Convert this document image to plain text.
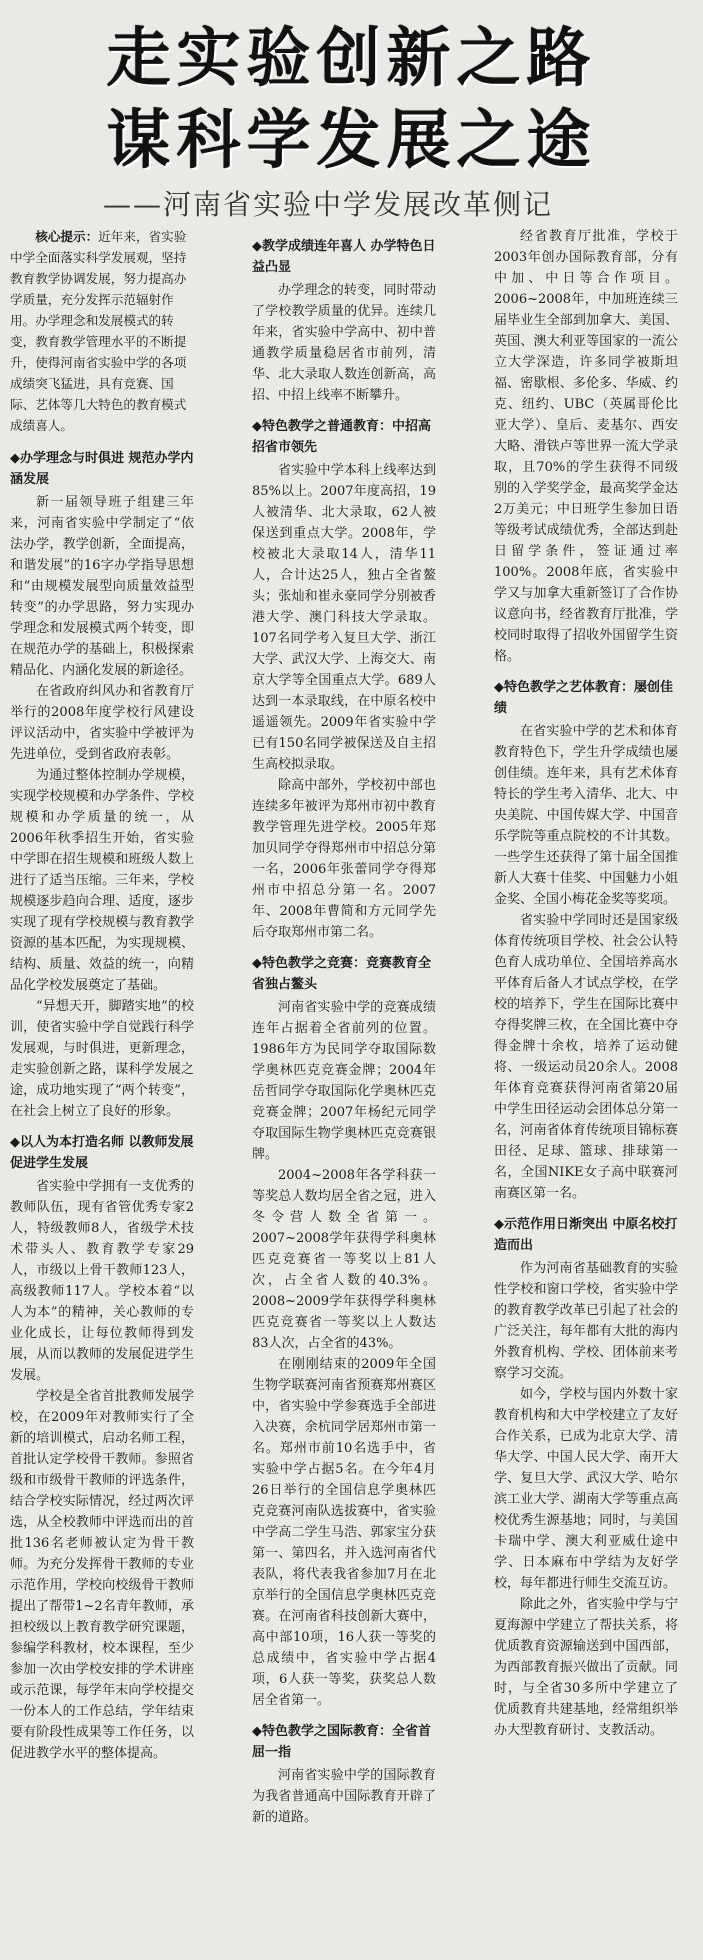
走实验创新之路
谋科学发展之途
——河南省实验中学发展改革侧记

核心提示：近年来，省实验中学全面落实科学发展观，坚持教育教学协调发展，努力提高办学质量，充分发挥示范辐射作用。办学理念和发展模式的转变，教育教学管理水平的不断提升，使得河南省实验中学的各项成绩突飞猛进，具有竞赛、国际、艺体等几大特色的教育模式成绩喜人。

◆办学理念与时俱进 规范办学内涵发展

新一届领导班子组建三年来，河南省实验中学制定了“依法办学，教学创新，全面提高，和谐发展”的16字办学指导思想和“由规模发展型向质量效益型转变”的办学思路，努力实现办学理念和发展模式两个转变，即在规范办学的基础上，积极探索精品化、内涵化发展的新途径。

在省政府纠风办和省教育厅举行的2008年度学校行风建设评议活动中，省实验中学被评为先进单位，受到省政府表彰。

为通过整体控制办学规模，实现学校规模和办学条件、学校规模和办学质量的统一，从2006年秋季招生开始，省实验中学即在招生规模和班级人数上进行了适当压缩。三年来，学校规模逐步趋向合理、适度，逐步实现了现有学校规模与教育教学资源的基本匹配，为实现规模、结构、质量、效益的统一，向精品化学校发展奠定了基础。

“异想天开，脚踏实地”的校训，使省实验中学自觉践行科学发展观，与时俱进，更新理念，走实验创新之路，谋科学发展之途，成功地实现了“两个转变”，在社会上树立了良好的形象。

◆以人为本打造名师 以教师发展促进学生发展

省实验中学拥有一支优秀的教师队伍，现有省管优秀专家2人，特级教师8人，省级学术技术带头人、教育教学专家29人，市级以上骨干教师123人，高级教师117人。学校本着“以人为本”的精神，关心教师的专业化成长，让每位教师得到发展，从而以教师的发展促进学生发展。

学校是全省首批教师发展学校，在2009年对教师实行了全新的培训模式，启动名师工程，首批认定学校骨干教师。参照省级和市级骨干教师的评选条件，结合学校实际情况，经过两次评选，从全校教师中评选而出的首批136名老师被认定为骨干教师。为充分发挥骨干教师的专业示范作用，学校向校级骨干教师提出了帮带1~2名青年教师，承担校级以上教育教学研究课题，参编学科教材，校本课程，至少参加一次由学校安排的学术讲座或示范课，每学年末向学校提交一份本人的工作总结，学年结束要有阶段性成果等工作任务，以促进教学水平的整体提高。

◆教学成绩连年喜人 办学特色日益凸显

办学理念的转变，同时带动了学校教学质量的优异。连续几年来，省实验中学高中、初中普通教学质量稳居省市前列，清华、北大录取人数连创新高，高招、中招上线率不断攀升。

◆特色教学之普通教育：中招高招省市领先

省实验中学本科上线率达到85%以上。2007年度高招，19人被清华、北大录取，62人被保送到重点大学。2008年，学校被北大录取14人，清华11人，合计达25人，独占全省鳌头；张灿和崔永豪同学分别被香港大学、澳门科技大学录取。107名同学考入复旦大学、浙江大学、武汉大学、上海交大、南京大学等全国重点大学。689人达到一本录取线，在中原名校中遥遥领先。2009年省实验中学已有150名同学被保送及自主招生高校拟录取。

除高中部外，学校初中部也连续多年被评为郑州市初中教育教学管理先进学校。2005年郑加贝同学夺得郑州市中招总分第一名，2006年张蕾同学夺得郑州市中招总分第一名。2007年、2008年曹简和方元同学先后夺取郑州市第二名。

◆特色教学之竞赛：竞赛教育全省独占鳌头

河南省实验中学的竞赛成绩连年占据着全省前列的位置。1986年方为民同学夺取国际数学奥林匹克竞赛金牌；2004年岳哲同学夺取国际化学奥林匹克竞赛金牌；2007年杨纪元同学夺取国际生物学奥林匹克竞赛银牌。

2004~2008年各学科获一等奖总人数均居全省之冠，进入冬令营人数全省第一。2007~2008学年获得学科奥林匹克竞赛省一等奖以上81人次，占全省人数的40.3%。2008~2009学年获得学科奥林匹克竞赛省一等奖以上人数达83人次，占全省的43%。

在刚刚结束的2009年全国生物学联赛河南省预赛郑州赛区中，省实验中学参赛选手全部进入决赛，余杭同学居郑州市第一名。郑州市前10名选手中，省实验中学占据5名。在今年4月26日举行的全国信息学奥林匹克竞赛河南队选拔赛中，省实验中学高二学生马浩、郭家宝分获第一、第四名，并入选河南省代表队，将代表我省参加7月在北京举行的全国信息学奥林匹克竞赛。在河南省科技创新大赛中，高中部10项，16人获一等奖的总成绩中，省实验中学占据4项，6人获一等奖，获奖总人数居全省第一。

◆特色教学之国际教育：全省首屈一指

河南省实验中学的国际教育为我省普通高中国际教育开辟了新的道路。

经省教育厅批准，学校于2003年创办国际教育部，分有中加、中日等合作项目。2006~2008年，中加班连续三届毕业生全部到加拿大、美国、英国、澳大利亚等国家的一流公立大学深造，许多同学被斯坦福、密歇根、多伦多、华威、约克、纽约、UBC（英属哥伦比亚大学）、皇后、麦基尔、西安大略、滑铁卢等世界一流大学录取，且70%的学生获得不同级别的入学奖学金，最高奖学金达2万美元；中日班学生参加日语等级考试成绩优秀，全部达到赴日留学条件，签证通过率100%。2008年底，省实验中学又与加拿大重新签订了合作协议意向书，经省教育厅批准，学校同时取得了招收外国留学生资格。

◆特色教学之艺体教育：屡创佳绩

在省实验中学的艺术和体育教育特色下，学生升学成绩也屡创佳绩。连年来，具有艺术体育特长的学生考入清华、北大、中央美院、中国传媒大学、中国音乐学院等重点院校的不计其数。一些学生还获得了第十届全国推新人大赛十佳奖、中国魅力小姐金奖、全国小梅花金奖等奖项。

省实验中学同时还是国家级体育传统项目学校、社会公认特色育人成功单位、全国培养高水平体育后备人才试点学校，在学校的培养下，学生在国际比赛中夺得奖牌三枚，在全国比赛中夺得金牌十余枚，培养了运动健将、一级运动员20余人。2008年体育竞赛获得河南省第20届中学生田径运动会团体总分第一名，河南省体育传统项目锦标赛田径、足球、篮球、排球第一名，全国NIKE女子高中联赛河南赛区第一名。

◆示范作用日渐突出 中原名校打造而出

作为河南省基础教育的实验性学校和窗口学校，省实验中学的教育教学改革已引起了社会的广泛关注，每年都有大批的海内外教育机构、学校、团体前来考察学习交流。

如今，学校与国内外数十家教育机构和大中学校建立了友好合作关系，已成为北京大学、清华大学、中国人民大学、南开大学、复旦大学、武汉大学、哈尔滨工业大学、湖南大学等重点高校优秀生源基地；同时，与美国卡瑞中学、澳大利亚威仕途中学、日本麻布中学结为友好学校，每年都进行师生交流互访。

除此之外，省实验中学与宁夏海源中学建立了帮扶关系，将优质教育资源输送到中国西部，为西部教育振兴做出了贡献。同时，与全省30多所中学建立了优质教育共建基地，经常组织举办大型教育研讨、支教活动。
